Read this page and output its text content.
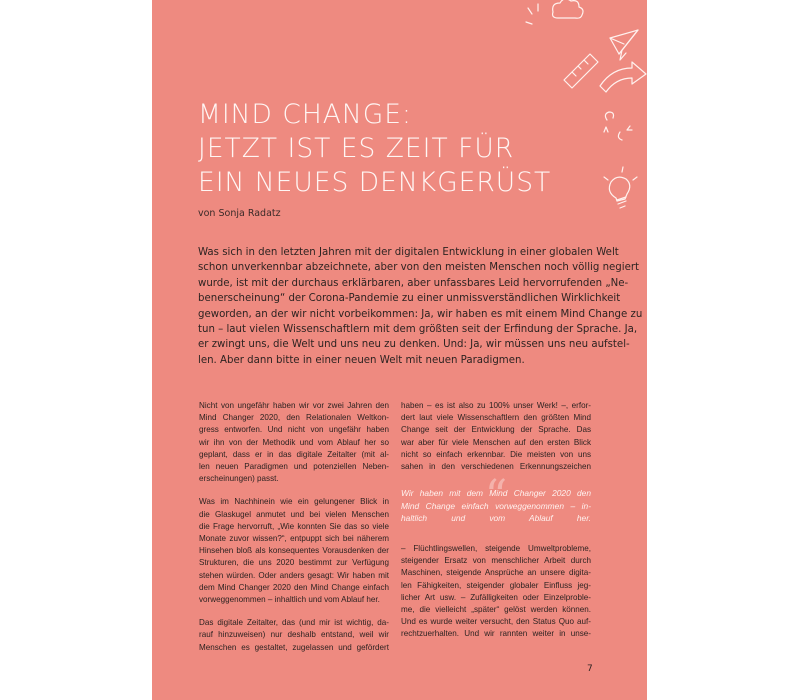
MIND CHANGE:
JETZT IST ES ZEIT FÜR
EIN NEUES DENKGERÜST
von Sonja Radatz
Was sich in den letzten Jahren mit der digitalen Entwicklung in einer globalen Welt
schon unverkennbar abzeichnete, aber von den meisten Menschen noch völlig negiert
wurde, ist mit der durchaus erklärbaren, aber unfassbares Leid hervorrufenden „Ne-
benerscheinung“ der Corona-Pandemie zu einer unmissverständlichen Wirklichkeit
geworden, an der wir nicht vorbeikommen: Ja, wir haben es mit einem Mind Change zu
tun – laut vielen Wissenschaftlern mit dem größten seit der Erfindung der Sprache. Ja,
er zwingt uns, die Welt und uns neu zu denken. Und: Ja, wir müssen uns neu aufstel-
len. Aber dann bitte in einer neuen Welt mit neuen Paradigmen.
Nicht von ungefähr haben wir vor zwei Jahren den
Mind Changer 2020, den Relationalen Weltkon-
gress entworfen. Und nicht von ungefähr haben
wir ihn von der Methodik und vom Ablauf her so
geplant, dass er in das digitale Zeitalter (mit al-
len neuen Paradigmen und potenziellen Neben-
erscheinungen) passt.
Was im Nachhinein wie ein gelungener Blick in
die Glaskugel anmutet und bei vielen Menschen
die Frage hervorruft, „Wie konnten Sie das so viele
Monate zuvor wissen?“, entpuppt sich bei näherem
Hinsehen bloß als konsequentes Vorausdenken der
Strukturen, die uns 2020 bestimmt zur Verfügung
stehen würden. Oder anders gesagt: Wir haben mit
dem Mind Changer 2020 den Mind Change einfach
vorweggenommen – inhaltlich und vom Ablauf her.
Das digitale Zeitalter, das (und mir ist wichtig, da-
rauf hinzuweisen) nur deshalb entstand, weil wir
Menschen es gestaltet, zugelassen und gefördert
haben – es ist also zu 100% unser Werk! –, erfor-
dert laut viele Wissenschaftlern den größten Mind
Change seit der Entwicklung der Sprache. Das
war aber für viele Menschen auf den ersten Blick
nicht so einfach erkennbar. Die meisten von uns
sahen in den verschiedenen Erkennungszeichen
“
Wir haben mit dem Mind Changer 2020 den
Mind Change einfach vorweggenommen – in-
haltlich und vom Ablauf her.
– Flüchtlingswellen, steigende Umweltprobleme,
steigender Ersatz von menschlicher Arbeit durch
Maschinen, steigende Ansprüche an unsere digita-
len Fähigkeiten, steigender globaler Einfluss jeg-
licher Art usw. – Zufälligkeiten oder Einzelproble-
me, die vielleicht „später“ gelöst werden können.
Und es wurde weiter versucht, den Status Quo auf-
rechtzuerhalten. Und wir rannten weiter in unse-
7
